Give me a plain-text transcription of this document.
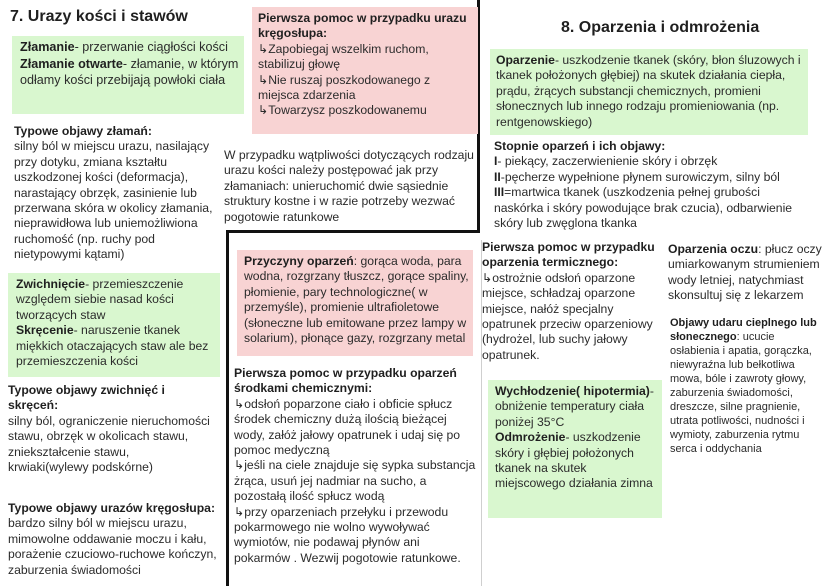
7. Urazy kości i stawów
Złamanie- przerwanie ciągłości kości
Złamanie otwarte- złamanie, w którym odłamy kości przebijają powłoki ciała

Typowe objawy złamań:

silny ból w miejscu urazu, nasilający przy dotyku, zmiana kształtu uszkodzonej kości (deformacja), narastający obrzęk, zasinienie lub przerwana skóra w okolicy złamania, nieprawidłowa lub uniemożliwiona ruchomość (np. ruchy pod nietypowymi kątami)

Zwichnięcie- przemieszczenie względem siebie nasad kości tworzących staw
Skręcenie- naruszenie tkanek miękkich otaczających staw ale bez przemieszczenia kości

Typowe objawy zwichnięć i skręceń:

silny ból, ograniczenie nieruchomości stawu, obrzęk w okolicach stawu, zniekształcenie stawu, krwiaki(wylewy podskórne)

Typowe objawy urazów kręgosłupa:

bardzo silny ból w miejscu urazu, mimowolne oddawanie moczu i kału, porażenie czuciowo-ruchowe kończyn, zaburzenia świadomości

Pierwsza pomoc w przypadku urazu kręgosłupa:

↳Zapobiegaj wszelkim ruchom, stabilizuj głowę

↳Nie ruszaj poszkodowanego z miejsca zdarzenia

↳Towarzysz poszkodowanemu

W przypadku wątpliwości dotyczących rodzaju urazu kości należy postępować jak przy złamaniach: unieruchomić dwie sąsiednie struktury kostne i w razie potrzeby wezwać pogotowie ratunkowe
8. Oparzenia i odmrożenia
Oparzenie- uszkodzenie tkanek (skóry, błon śluzowych i tkanek położonych głębiej) na skutek działania ciepła, prądu, żrących substancji chemicznych, promieni słonecznych lub innego rodzaju promieniowania (np. rentgenowskiego)

Stopnie oparzeń i ich objawy:

I- piekący, zaczerwienienie skóry i obrzęk

II-pęcherze wypełnione płynem surowiczym, silny ból

III=martwica tkanek (uszkodzenia pełnej grubości naskórka i skóry powodujące brak czucia), odbarwienie skóry lub zwęglona tkanka

Przyczyny oparzeń: gorąca woda, para wodna, rozgrzany tłuszcz, gorące spaliny, płomienie, pary technologiczne( w przemyśle), promienie ultrafioletowe (słoneczne lub emitowane przez lampy w solarium), płonące gazy, rozgrzany metal

Pierwsza pomoc w przypadku oparzeń środkami chemicznymi:

↳odsłoń poparzone ciało i obficie spłucz środek chemiczny dużą ilością bieżącej wody, załóż jałowy opatrunek i udaj się po pomoc medyczną

↳jeśli na ciele znajduje się sypka substancja żrąca, usuń jej nadmiar na sucho, a pozostałą ilość spłucz wodą

↳przy oparzeniach przełyku i przewodu pokarmowego nie wolno wywoływać wymiotów, nie podawaj płynów ani pokarmów . Wezwij pogotowie ratunkowe.

Pierwsza pomoc w przypadku oparzenia termicznego:

↳ostrożnie odsłoń oparzone miejsce, schładzaj oparzone miejsce, nałóż specjalny opatrunek przeciw oparzeniowy (hydrożel, lub suchy jałowy opatrunek.

Wychłodzenie( hipotermia)- obniżenie temperatury ciała poniżej 35°C
Odmrożenie- uszkodzenie skóry i głębiej położonych tkanek na skutek miejscowego działania zimna
Oparzenia oczu: płucz oczy umiarkowanym strumieniem wody letniej, natychmiast skonsultuj się z lekarzem
Objawy udaru cieplnego lub słonecznego: ucucie osłabienia i apatia, gorączka, niewyraźna lub bełkotliwa mowa, bóle i zawroty głowy, zaburzenia świadomości, dreszcze, silne pragnienie, utrata potliwości, nudności i wymioty, zaburzenia rytmu serca i oddychania
